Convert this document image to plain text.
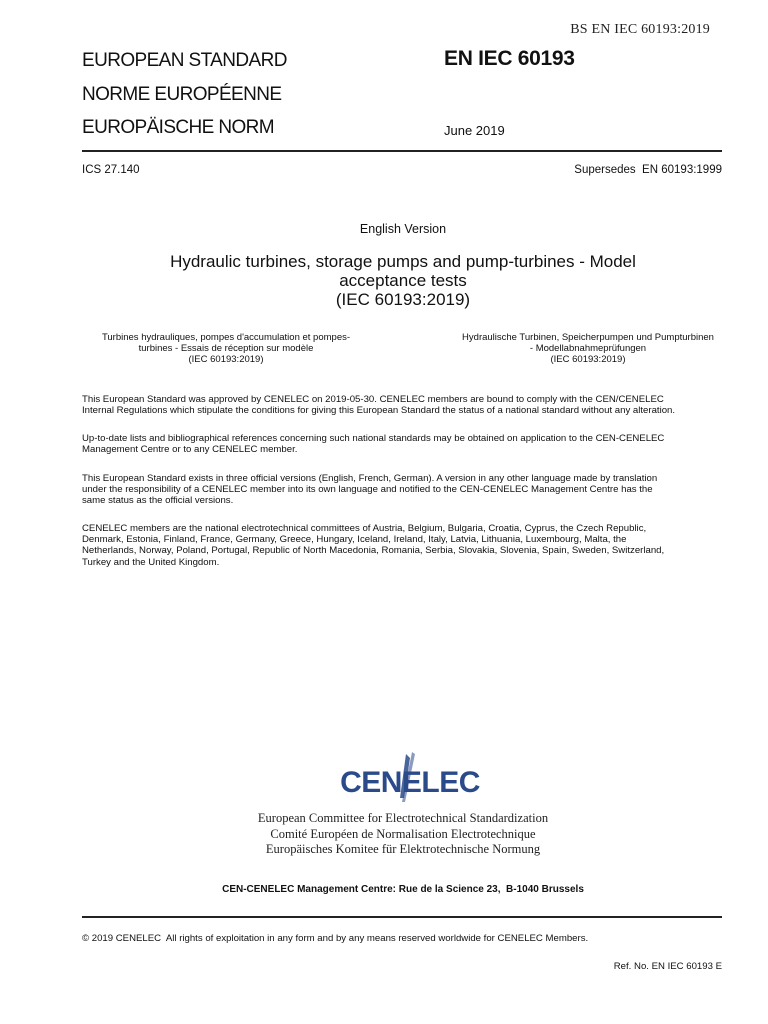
BS EN IEC 60193:2019
EUROPEAN STANDARD
NORME EUROPÉENNE
EUROPÄISCHE NORM
EN IEC 60193
June 2019
ICS 27.140	Supersedes  EN 60193:1999
English Version
Hydraulic turbines, storage pumps and pump-turbines - Model
acceptance tests
(IEC 60193:2019)
Turbines hydrauliques, pompes d'accumulation et pompes-
turbines - Essais de réception sur modèle
(IEC 60193:2019)
Hydraulische Turbinen, Speicherpumpen und Pumpturbinen
- Modellabnahmeprüfungen
(IEC 60193:2019)
This European Standard was approved by CENELEC on 2019-05-30. CENELEC members are bound to comply with the CEN/CENELEC
Internal Regulations which stipulate the conditions for giving this European Standard the status of a national standard without any alteration.
Up-to-date lists and bibliographical references concerning such national standards may be obtained on application to the CEN-CENELEC
Management Centre or to any CENELEC member.
This European Standard exists in three official versions (English, French, German). A version in any other language made by translation
under the responsibility of a CENELEC member into its own language and notified to the CEN-CENELEC Management Centre has the
same status as the official versions.
CENELEC members are the national electrotechnical committees of Austria, Belgium, Bulgaria, Croatia, Cyprus, the Czech Republic,
Denmark, Estonia, Finland, France, Germany, Greece, Hungary, Iceland, Ireland, Italy, Latvia, Lithuania, Luxembourg, Malta, the
Netherlands, Norway, Poland, Portugal, Republic of North Macedonia, Romania, Serbia, Slovakia, Slovenia, Spain, Sweden, Switzerland,
Turkey and the United Kingdom.
CENELEC
European Committee for Electrotechnical Standardization
Comité Européen de Normalisation Electrotechnique
Europäisches Komitee für Elektrotechnische Normung
CEN-CENELEC Management Centre: Rue de la Science 23,  B-1040 Brussels
© 2019 CENELEC  All rights of exploitation in any form and by any means reserved worldwide for CENELEC Members.
Ref. No. EN IEC 60193 E
